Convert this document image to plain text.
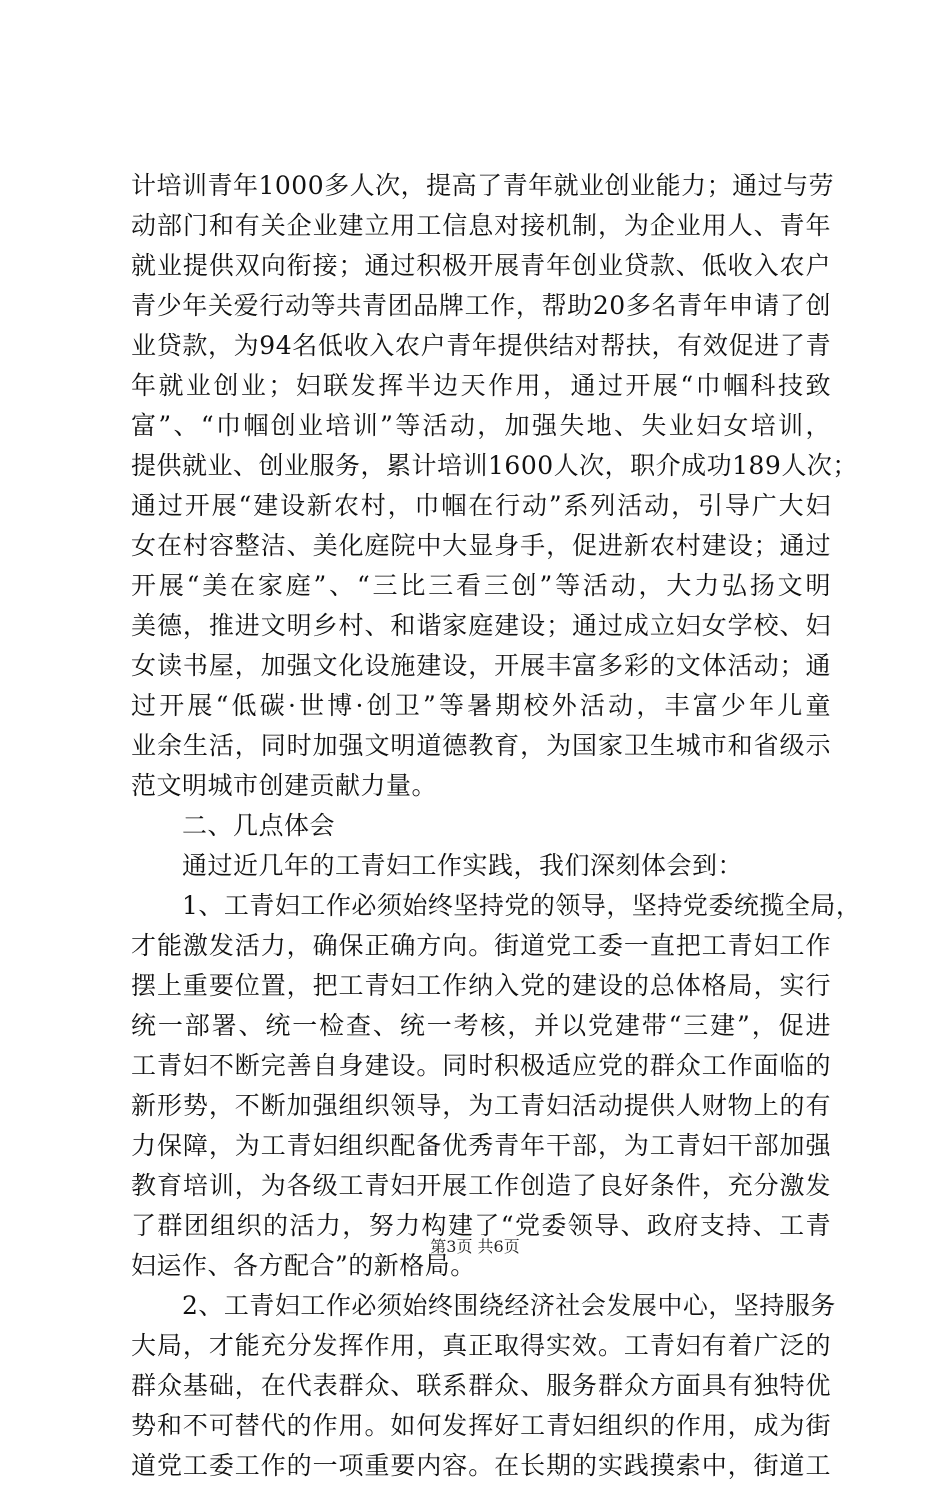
计培训青年1000多人次，提高了青年就业创业能力；通过与劳
动部门和有关企业建立用工信息对接机制，为企业用人、青年
就业提供双向衔接；通过积极开展青年创业贷款、低收入农户
青少年关爱行动等共青团品牌工作，帮助20多名青年申请了创
业贷款，为94名低收入农户青年提供结对帮扶，有效促进了青
年就业创业；妇联发挥半边天作用，通过开展“巾帼科技致
富”、“巾帼创业培训”等活动，加强失地、失业妇女培训，
提供就业、创业服务，累计培训1600人次，职介成功189人次；
通过开展“建设新农村，巾帼在行动”系列活动，引导广大妇
女在村容整洁、美化庭院中大显身手，促进新农村建设；通过
开展“美在家庭”、“三比三看三创”等活动，大力弘扬文明
美德，推进文明乡村、和谐家庭建设；通过成立妇女学校、妇
女读书屋，加强文化设施建设，开展丰富多彩的文体活动；通
过开展“低碳·世博·创卫”等暑期校外活动，丰富少年儿童
业余生活，同时加强文明道德教育，为国家卫生城市和省级示
范文明城市创建贡献力量。
　　二、几点体会
　　通过近几年的工青妇工作实践，我们深刻体会到：
　　1、工青妇工作必须始终坚持党的领导，坚持党委统揽全局，
才能激发活力，确保正确方向。街道党工委一直把工青妇工作
摆上重要位置，把工青妇工作纳入党的建设的总体格局，实行
统一部署、统一检查、统一考核，并以党建带“三建”，促进
工青妇不断完善自身建设。同时积极适应党的群众工作面临的
新形势，不断加强组织领导，为工青妇活动提供人财物上的有
力保障，为工青妇组织配备优秀青年干部，为工青妇干部加强
教育培训，为各级工青妇开展工作创造了良好条件，充分激发
了群团组织的活力，努力构建了“党委领导、政府支持、工青
妇运作、各方配合”的新格局。
　　2、工青妇工作必须始终围绕经济社会发展中心，坚持服务
大局，才能充分发挥作用，真正取得实效。工青妇有着广泛的
群众基础，在代表群众、联系群众、服务群众方面具有独特优
势和不可替代的作用。如何发挥好工青妇组织的作用，成为街
道党工委工作的一项重要内容。在长期的实践摸索中，街道工
第3页 共6页
